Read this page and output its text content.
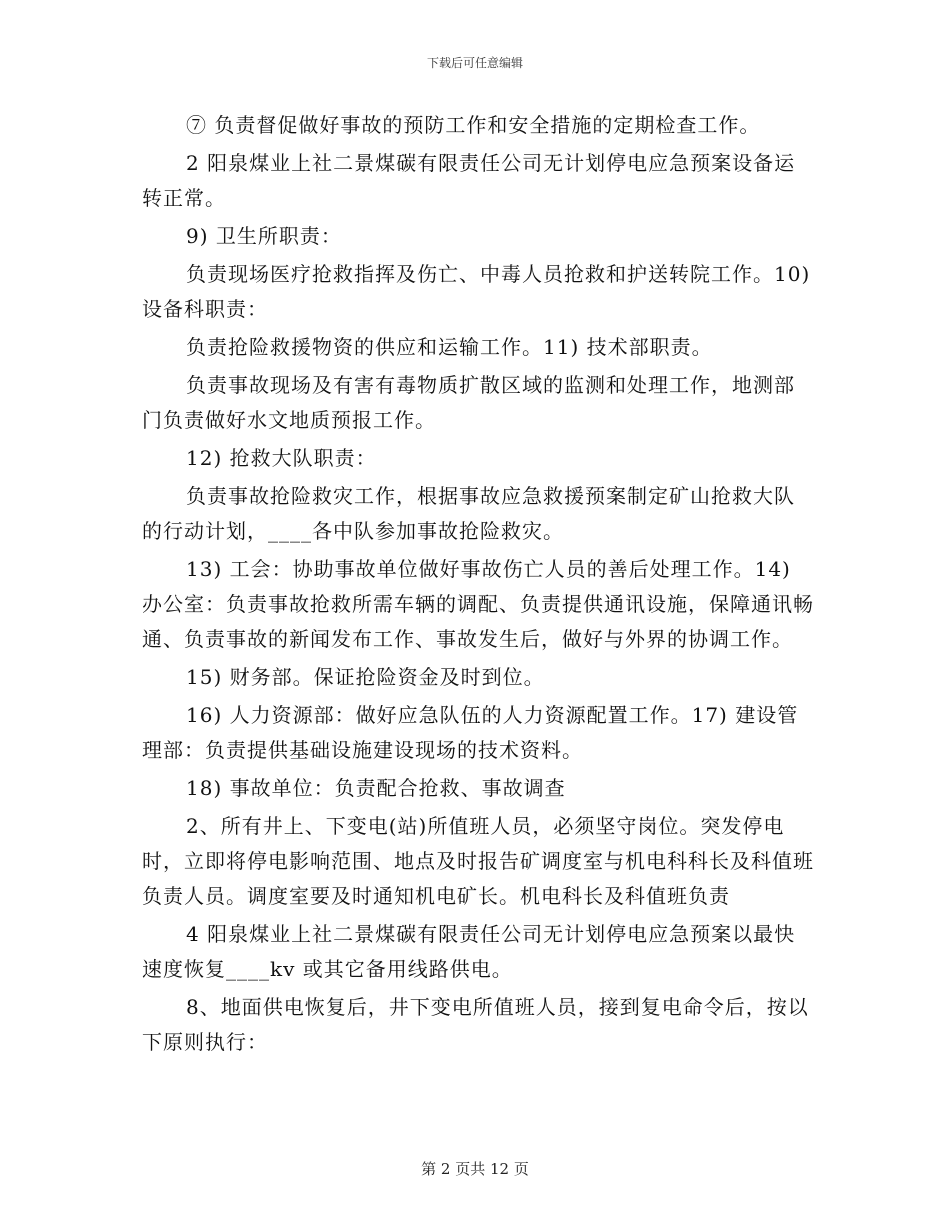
下载后可任意编辑

⑦ 负责督促做好事故的预防工作和安全措施的定期检查工作。

2 阳泉煤业上社二景煤碳有限责任公司无计划停电应急预案设备运转正常。

9) 卫生所职责：

负责现场医疗抢救指挥及伤亡、中毒人员抢救和护送转院工作。10) 设备科职责：

负责抢险救援物资的供应和运输工作。11) 技术部职责。

负责事故现场及有害有毒物质扩散区域的监测和处理工作，地测部门负责做好水文地质预报工作。

12) 抢救大队职责：

负责事故抢险救灾工作，根据事故应急救援预案制定矿山抢救大队的行动计划，____各中队参加事故抢险救灾。

13) 工会：协助事故单位做好事故伤亡人员的善后处理工作。14) 办公室：负责事故抢救所需车辆的调配、负责提供通讯设施，保障通讯畅通、负责事故的新闻发布工作、事故发生后，做好与外界的协调工作。

15) 财务部。保证抢险资金及时到位。

16) 人力资源部：做好应急队伍的人力资源配置工作。17) 建设管理部：负责提供基础设施建设现场的技术资料。

18) 事故单位：负责配合抢救、事故调查

2、所有井上、下变电(站)所值班人员，必须坚守岗位。突发停电时，立即将停电影响范围、地点及时报告矿调度室与机电科科长及科值班负责人员。调度室要及时通知机电矿长。机电科长及科值班负责

4 阳泉煤业上社二景煤碳有限责任公司无计划停电应急预案以最快速度恢复____kv 或其它备用线路供电。

8、地面供电恢复后，井下变电所值班人员，接到复电命令后，按以下原则执行：

第 2 页共 12 页
